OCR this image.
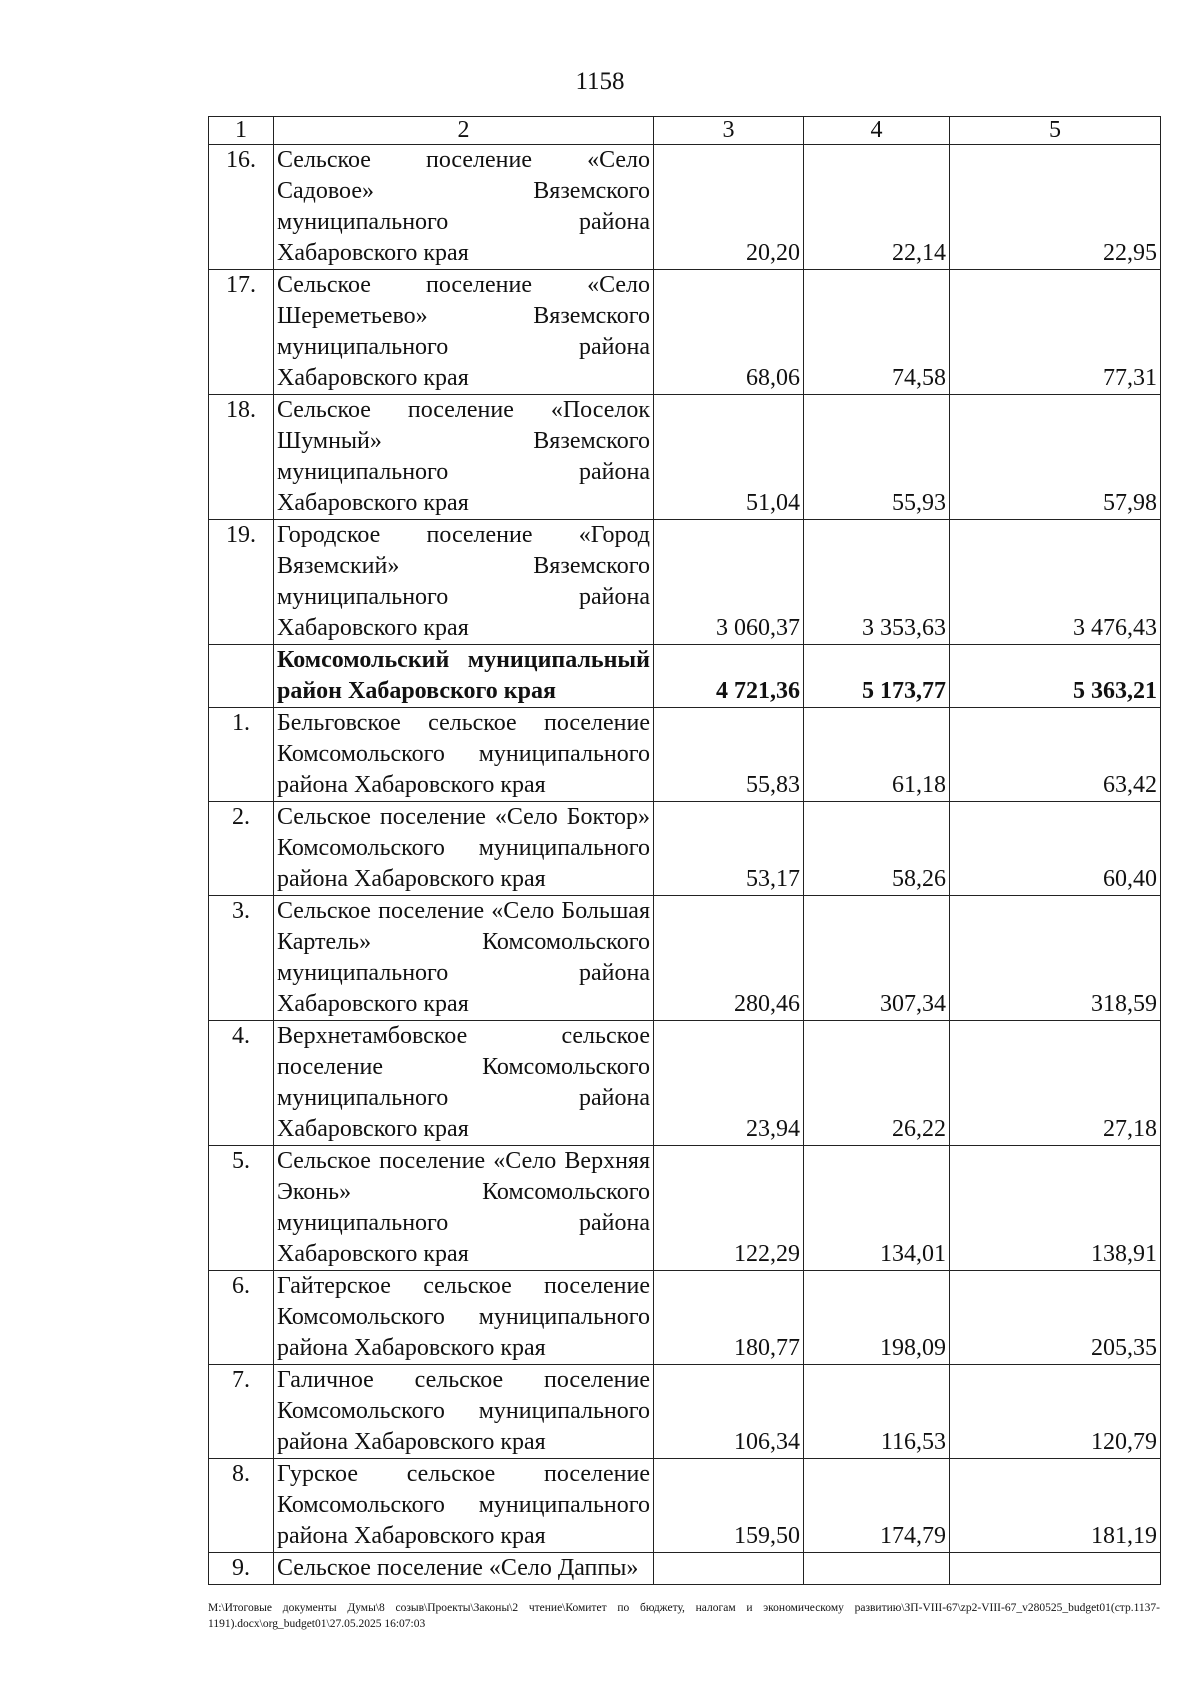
1158
1	2	3	4	5
16.	Сельское поселение «Село Садовое» Вяземского муниципального района Хабаровского края	20,20	22,14	22,95
17.	Сельское поселение «Село Шереметьево» Вяземского муниципального района Хабаровского края	68,06	74,58	77,31
18.	Сельское поселение «Поселок Шумный» Вяземского муниципального района Хабаровского края	51,04	55,93	57,98
19.	Городское поселение «Город Вяземский» Вяземского муниципального района Хабаровского края	3 060,37	3 353,63	3 476,43
	Комсомольский муниципальный район Хабаровского края	4 721,36	5 173,77	5 363,21
1.	Бельговское сельское поселение Комсомольского муниципального района Хабаровского края	55,83	61,18	63,42
2.	Сельское поселение «Село Боктор» Комсомольского муниципального района Хабаровского края	53,17	58,26	60,40
3.	Сельское поселение «Село Большая Картель» Комсомольского муниципального района Хабаровского края	280,46	307,34	318,59
4.	Верхнетамбовское сельское поселение Комсомольского муниципального района Хабаровского края	23,94	26,22	27,18
5.	Сельское поселение «Село Верхняя Эконь» Комсомольского муниципального района Хабаровского края	122,29	134,01	138,91
6.	Гайтерское сельское поселение Комсомольского муниципального района Хабаровского края	180,77	198,09	205,35
7.	Галичное сельское поселение Комсомольского муниципального района Хабаровского края	106,34	116,53	120,79
8.	Гурское сельское поселение Комсомольского муниципального района Хабаровского края	159,50	174,79	181,19
9.	Сельское поселение «Село Даппы»			
M:\Итоговые документы Думы\8 созыв\Проекты\Законы\2 чтение\Комитет по бюджету, налогам и экономическому развитию\ЗП-VIII-67\zp2-VIII-67_v280525_budget01(стр.1137-1191).docx\org_budget01\27.05.2025 16:07:03
